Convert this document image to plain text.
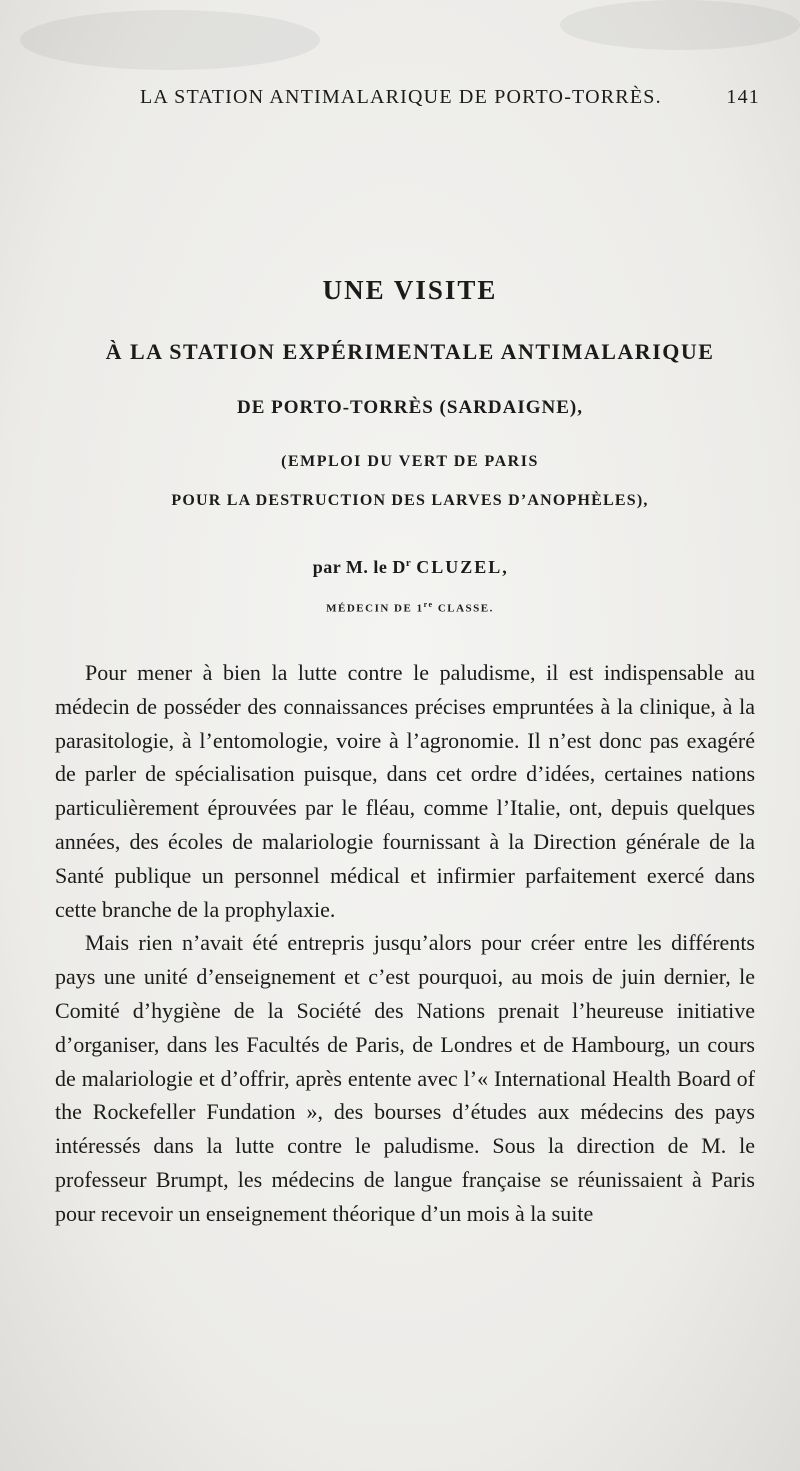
LA STATION ANTIMALARIQUE DE PORTO-TORRÈS.	141
UNE VISITE
À LA STATION EXPÉRIMENTALE ANTIMALARIQUE
DE PORTO-TORRÈS (SARDAIGNE),
(EMPLOI DU VERT DE PARIS
POUR LA DESTRUCTION DES LARVES D’ANOPHÈLES),
par M. le $D^r$ CLUZEL,
MÉDECIN DE 1re CLASSE.

Pour mener à bien la lutte contre le paludisme, il est indispensable au médecin de posséder des connaissances précises empruntées à la clinique, à la parasitologie, à l’entomologie, voire à l’agronomie. Il n’est donc pas exagéré de parler de spécialisation puisque, dans cet ordre d’idées, certaines nations particulièrement éprouvées par le fléau, comme l’Italie, ont, depuis quelques années, des écoles de malariologie fournissant à la Direction générale de la Santé publique un personnel médical et infirmier parfaitement exercé dans cette branche de la prophylaxie.

Mais rien n’avait été entrepris jusqu’alors pour créer entre les différents pays une unité d’enseignement et c’est pourquoi, au mois de juin dernier, le Comité d’hygiène de la Société des Nations prenait l’heureuse initiative d’organiser, dans les Facultés de Paris, de Londres et de Hambourg, un cours de malariologie et d’offrir, après entente avec l’« International Health Board of the Rockefeller Fundation », des bourses d’études aux médecins des pays intéressés dans la lutte contre le paludisme. Sous la direction de M. le professeur Brumpt, les médecins de langue française se réunissaient à Paris pour recevoir un enseignement théorique d’un mois à la suite
